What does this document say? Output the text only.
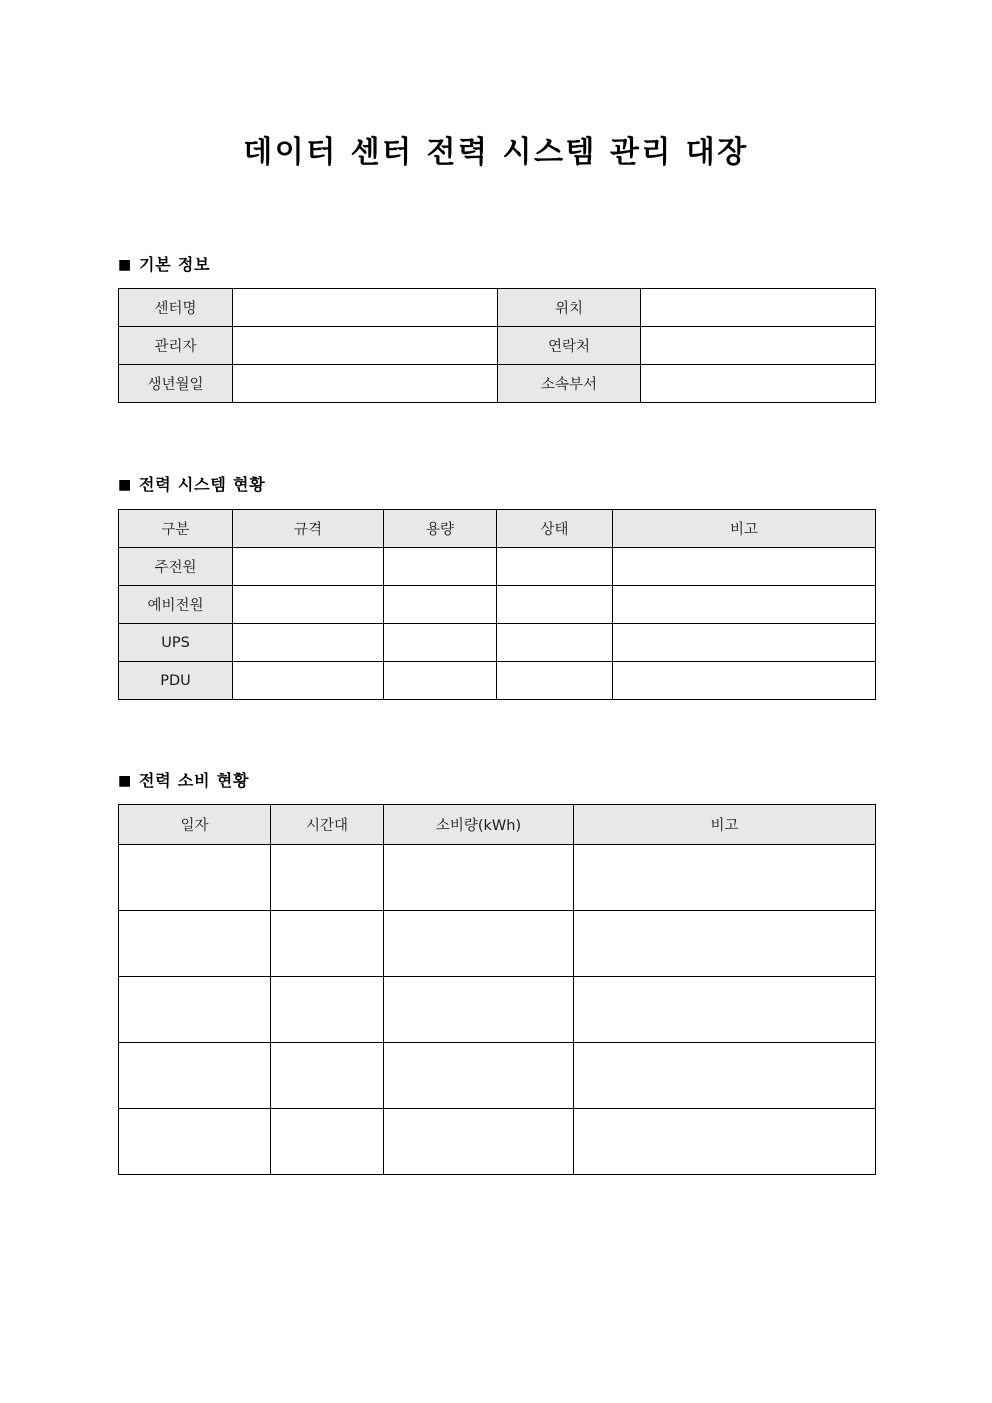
데이터 센터 전력 시스템 관리 대장
■ 기본 정보
센터명		위치	
관리자		연락처	
생년월일		소속부서	
■ 전력 시스템 현황
구분	규격	용량	상태	비고
주전원				
예비전원				
UPS				
PDU				
■ 전력 소비 현황
일자	시간대	소비량(kWh)	비고
